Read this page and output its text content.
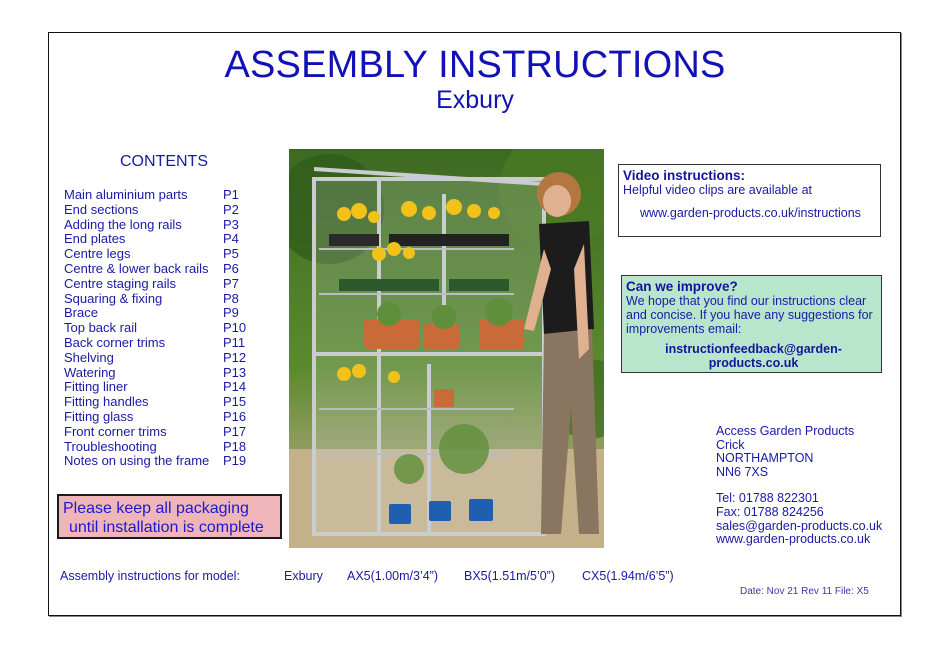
ASSEMBLY INSTRUCTIONS
Exbury
CONTENTS
Main aluminium parts	P1
End sections	P2
Adding the long rails	P3
End plates	P4
Centre legs	P5
Centre & lower back rails	P6
Centre staging rails	P7
Squaring & fixing	P8
Brace	P9
Top back rail	P10
Back corner trims	P11
Shelving	P12
Watering	P13
Fitting liner	P14
Fitting handles	P15
Fitting glass	P16
Front corner trims	P17
Troubleshooting	P18
Notes on using the frame	P19
Please keep all packaging
until installation is complete
Video instructions:
Helpful video clips are available at
www.garden-products.co.uk/instructions
Can we improve?
We hope that you find our instructions clear and concise. If you have any suggestions for improvements email:
instructionfeedback@garden-
products.co.uk
Access Garden Products
Crick
NORTHAMPTON
NN6 7XS
Tel: 01788 822301
Fax: 01788 824256
sales@garden-products.co.uk
www.garden-products.co.uk
Assembly instructions for model:	Exbury AX5(1.00m/3’4”) BX5(1.51m/5’0”) CX5(1.94m/6’5”)
Date: Nov 21 Rev 11 File: X5
